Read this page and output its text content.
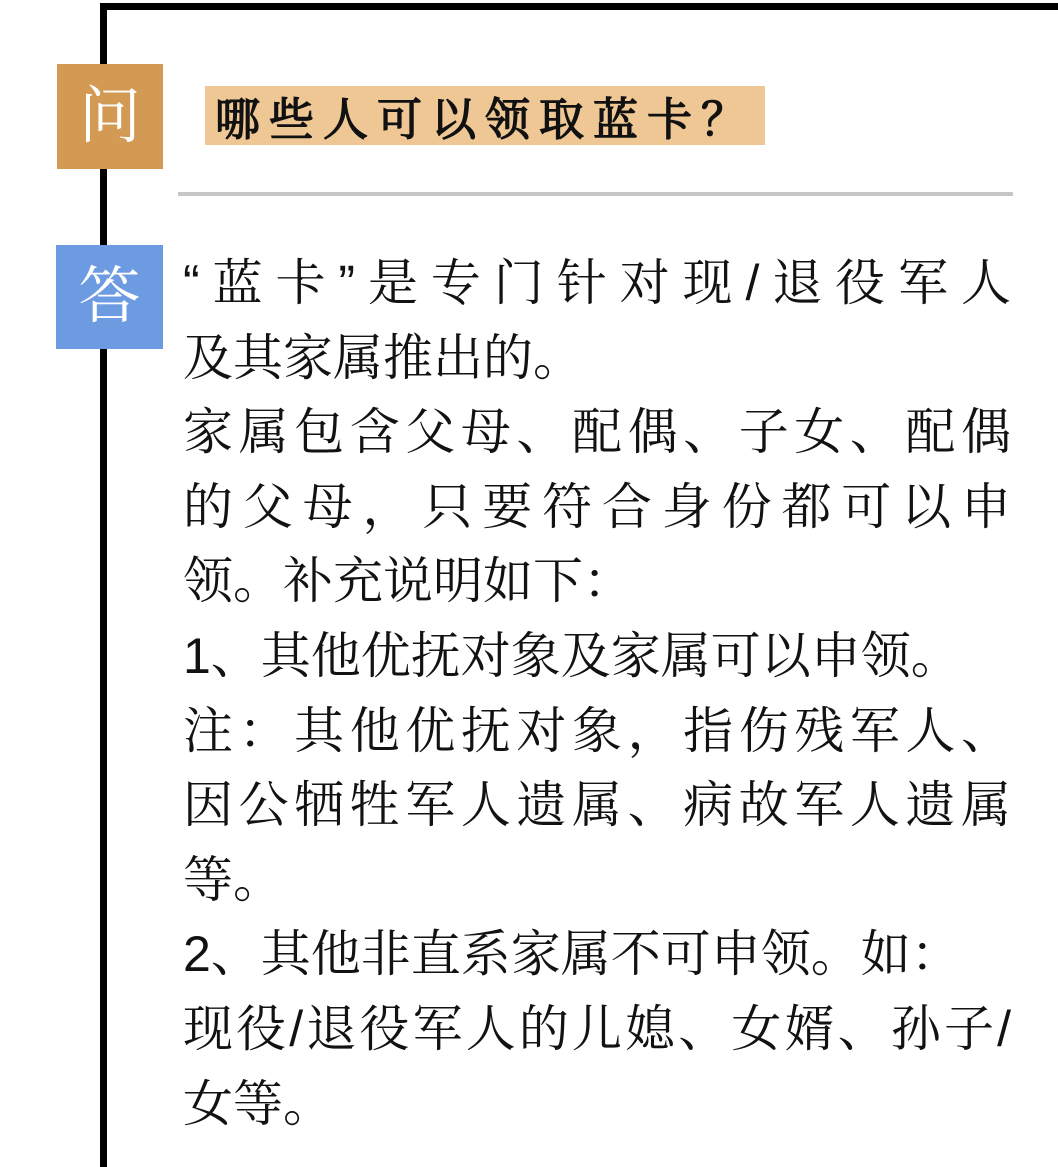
问 哪些人可以领取蓝卡？
答 “蓝卡”是专门针对现/退役军人
及其家属推出的。
家属包含父母、配偶、子女、配偶
的父母，只要符合身份都可以申
领。补充说明如下：
1、其他优抚对象及家属可以申领。
注：其他优抚对象，指伤残军人、
因公牺牲军人遗属、病故军人遗属
等。
2、其他非直系家属不可申领。如：
现役/退役军人的儿媳、女婿、孙子/
女等。
